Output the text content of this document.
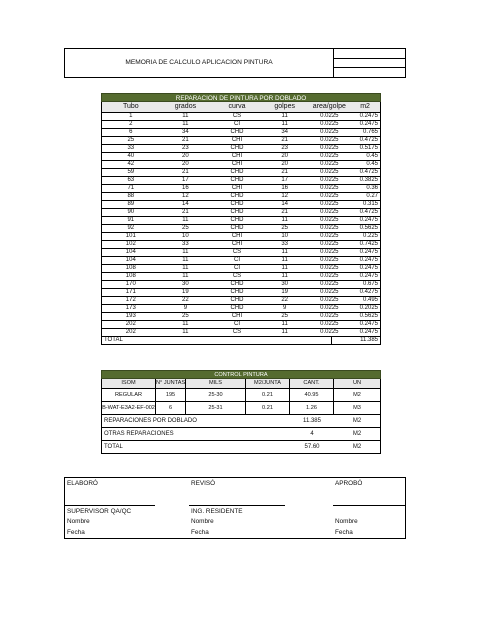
MEMORIA DE CALCULO APLICACION PINTURA
REPARACION DE PINTURA POR DOBLADO
Tubo	grados	curva	golpes	area/golpe	m2
1	11	CS	11	0.0225	0.2475
2	11	CI	11	0.0225	0.2475
6	34	CHD	34	0.0225	0.765
25	21	CHI	21	0.0225	0.4725
33	23	CHD	23	0.0225	0.5175
40	20	CHI	20	0.0225	0.45
42	20	CHI	20	0.0225	0.45
59	21	CHD	21	0.0225	0.4725
63	17	CHD	17	0.0225	0.3825
71	16	CHI	16	0.0225	0.36
88	12	CHD	12	0.0225	0.27
89	14	CHD	14	0.0225	0.315
90	21	CHD	21	0.0225	0.4725
91	11	CHD	11	0.0225	0.2475
92	25	CHD	25	0.0225	0.5625
101	10	CHI	10	0.0225	0.225
102	33	CHI	33	0.0225	0.7425
104	11	CS	11	0.0225	0.2475
104	11	CI	11	0.0225	0.2475
108	11	CI	11	0.0225	0.2475
108	11	CS	11	0.0225	0.2475
170	30	CHD	30	0.0225	0.675
171	19	CHD	19	0.0225	0.4275
172	22	CHD	22	0.0225	0.495
173	9	CHD	9	0.0225	0.2025
193	25	CHI	25	0.0225	0.5625
202	11	CI	11	0.0225	0.2475
202	11	CS	11	0.0225	0.2475
TOTAL	11.385
CONTROL PINTURA
ISOM	N° JUNTAS	MILS	M2/JUNTA	CANT.	UN
REGULAR	195	25-30	0.21	40.95	M2
B-WAT-E3A2-EF-002	6	25-31	0.21	1.26	M3
REPARACIONES POR DOBLADO	11.385	M2
OTRAS REPARACIONES	4	M2
TOTAL	57.60	M2
ELABORÓ	REVISÓ	APROBÓ
SUPERVISOR QA/QC	ING. RESIDENTE
Nombre	Nombre	Nombre
Fecha	Fecha	Fecha
